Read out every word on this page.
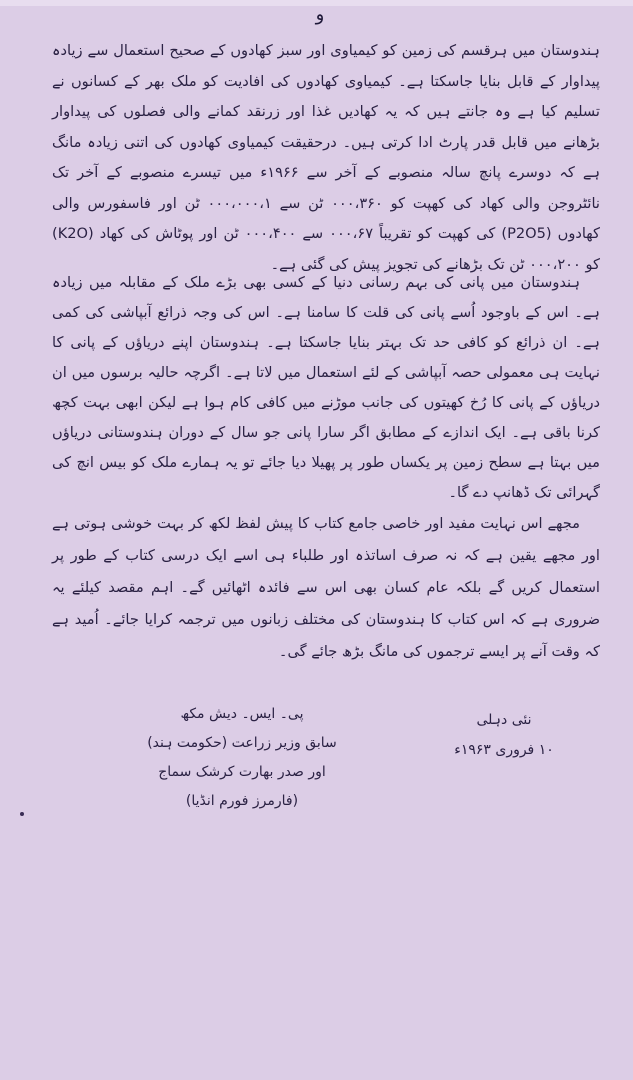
و

ہندوستان میں ہرقسم کی زمین کو کیمیاوی اور سبز کھادوں کے صحیح استعمال سے زیادہ پیداوار کے قابل بنایا جاسکتا ہے۔ کیمیاوی کھادوں کی افادیت کو ملک بھر کے کسانوں نے تسلیم کیا ہے وہ جانتے ہیں کہ یہ کھادیں غذا اور زرنقد کمانے والی فصلوں کی پیداوار بڑھانے میں قابل قدر پارٹ ادا کرتی ہیں۔ درحقیقت کیمیاوی کھادوں کی اتنی زیادہ مانگ ہے کہ دوسرے پانچ سالہ منصوبے کے آخر سے ۱۹۶۶ء میں تیسرے منصوبے کے آخر تک نائٹروجن والی کھاد کی کھپت کو ۰۰۰،۳۶۰ ٹن سے ۰۰۰،۰۰۰،۱ ٹن اور فاسفورس والی کھادوں (P2O5) کی کھپت کو تقریباً ۰۰۰،۶۷ سے ۰۰۰،۴۰۰ ٹن اور پوٹاش کی کھاد (K2O) کو ۰۰۰،۲۰۰ ٹن تک بڑھانے کی تجویز پیش کی گئی ہے۔

ہندوستان میں پانی کی بہم رسانی دنیا کے کسی بھی بڑے ملک کے مقابلہ میں زیادہ ہے۔ اس کے باوجود اُسے پانی کی قلت کا سامنا ہے۔ اس کی وجہ ذرائع آبپاشی کی کمی ہے۔ ان ذرائع کو کافی حد تک بہتر بنایا جاسکتا ہے۔ ہندوستان اپنے دریاؤں کے پانی کا نہایت ہی معمولی حصہ آبپاشی کے لئے استعمال میں لاتا ہے۔ اگرچہ حالیہ برسوں میں ان دریاؤں کے پانی کا رُخ کھیتوں کی جانب موڑنے میں کافی کام ہوا ہے لیکن ابھی بہت کچھ کرنا باقی ہے۔ ایک اندازے کے مطابق اگر سارا پانی جو سال کے دوران ہندوستانی دریاؤں میں بہتا ہے سطح زمین پر یکساں طور پر پھیلا دیا جائے تو یہ ہمارے ملک کو بیس انچ کی گہرائی تک ڈھانپ دے گا۔

مجھے اس نہایت مفید اور خاصی جامع کتاب کا پیش لفظ لکھ کر بہت خوشی ہوتی ہے اور مجھے یقین ہے کہ نہ صرف اساتذہ اور طلباء ہی اسے ایک درسی کتاب کے طور پر استعمال کریں گے بلکہ عام کسان بھی اس سے فائدہ اٹھائیں گے۔ اہم مقصد کیلئے یہ ضروری ہے کہ اس کتاب کا ہندوستان کی مختلف زبانوں میں ترجمہ کرایا جائے۔ اُمید ہے کہ وقت آنے پر ایسے ترجموں کی مانگ بڑھ جائے گی۔

نئی دہلی
۱۰ فروری ۱۹۶۳ء
پی۔ ایس۔ دیش مکھ
سابق وزیر زراعت (حکومت ہند)
اور صدر بھارت کرشک سماج
(فارمرز فورم انڈیا)
